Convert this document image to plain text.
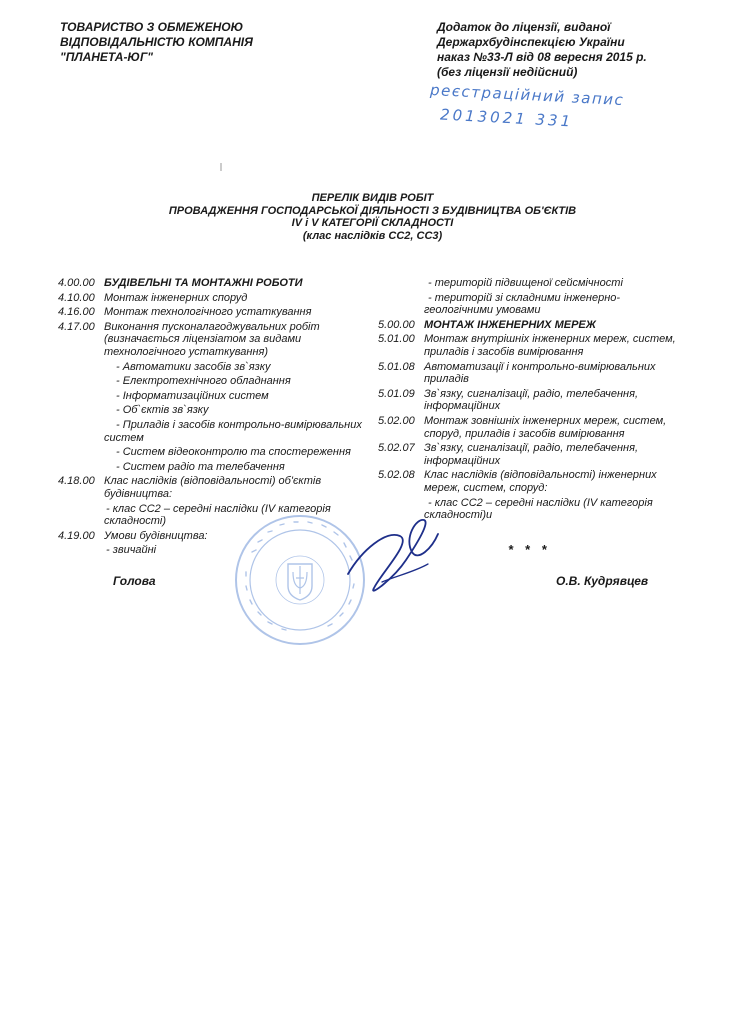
ТОВАРИСТВО З ОБМЕЖЕНОЮ
ВІДПОВІДАЛЬНІСТЮ КОМПАНІЯ
"ПЛАНЕТА-ЮГ"
Додаток до ліцензії, виданої
Держархбудінспекцією України
наказ №33-Л від 08 вересня 2015 р.
(без ліцензії недійсний)
реєстраційний запис
2013021 331
ПЕРЕЛІК ВИДІВ РОБІТ
ПРОВАДЖЕННЯ ГОСПОДАРСЬКОЇ ДІЯЛЬНОСТІ З БУДІВНИЦТВА ОБ'ЄКТІВ
IV і V КАТЕГОРІЇ СКЛАДНОСТІ
(клас наслідків СС2, СС3)
4.00.00 БУДІВЕЛЬНІ ТА МОНТАЖНІ РОБОТИ
4.10.00 Монтаж інженерних споруд
4.16.00 Монтаж технологічного устаткування
4.17.00 Виконання пусконалагоджувальних робіт
(визначається ліцензіатом за видами
технологічного устаткування)
- Автоматики засобів зв`язку
- Електротехнічного обладнання
- Інформатизаційних систем
- Об`єктів зв`язку
- Приладів і засобів контрольно-вимірювальних
систем
- Систем відеоконтролю та спостереження
- Систем радіо та телебачення
4.18.00 Клас наслідків (відповідальності) об'єктів
будівництва:
- клас СС2 – середні наслідки (IV категорія
складності)
4.19.00 Умови будівництва:
- звичайні
- територій підвищеної сейсмічності
- територій зі складними інженерно-
геологічними умовами
5.00.00 МОНТАЖ ІНЖЕНЕРНИХ МЕРЕЖ
5.01.00 Монтаж внутрішніх інженерних мереж, систем,
приладів і засобів вимірювання
5.01.08 Автоматизації і контрольно-вимірювальних
приладів
5.01.09 Зв`язку, сигналізації, радіо, телебачення,
інформаційних
5.02.00 Монтаж зовнішніх інженерних мереж, систем,
споруд, приладів і засобів вимірювання
5.02.07 Зв`язку, сигналізації, радіо, телебачення,
інформаційних
5.02.08 Клас наслідків (відповідальності) інженерних
мереж, систем, споруд:
- клас СС2 – середні наслідки (IV категорія
складності)и
* * *
Голова	О.В. Кудрявцев
